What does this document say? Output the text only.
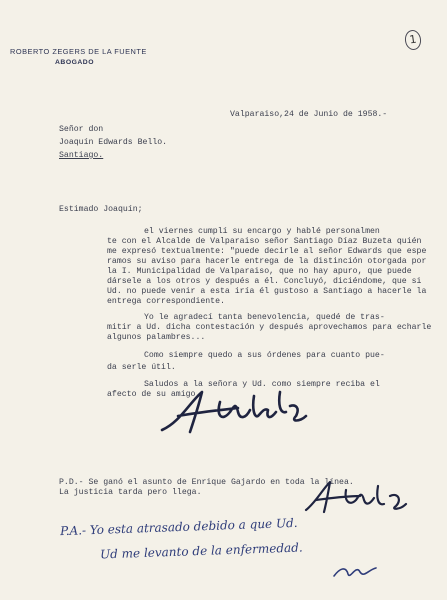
1
ROBERTO ZEGERS DE LA FUENTE
ABOGADO
Valparaiso,24 de Junio de 1958.-
Señor don
Joaquín Edwards Bello.
Santiago.
Estimado Joaquín;
el viernes cumplí su encargo y hablé personalmen
te con el Alcalde de Valparaiso señor Santiago Díaz Buzeta quién
me expresó textualmente: "puede decirle al señor Edwards que espe
ramos su aviso para hacerle entrega de la distinción otorgada por
la I. Municipalidad de Valparaiso, que no hay apuro, que puede
dársele a los otros y después a él. Concluyó, diciéndome, que si
Ud. no puede venir a esta iría él gustoso a Santiago a hacerle la
entrega correspondiente.
Yo le agradecí tanta benevolencia, quedé de tras-
mitir a Ud. dicha contestación y después aprovechamos para echarle
algunos palambres...
Como siempre quedo a sus órdenes para cuanto pue-
da serle útil.
Saludos a la señora y Ud. como siempre reciba el
afecto de su amigo,
P.D.- Se ganó el asunto de Enrique Gajardo en toda la línea.
La justicia tarda pero llega.
P.A.- Yo esta atrasado debido a que Ud.
Ud me levanto de la enfermedad.
